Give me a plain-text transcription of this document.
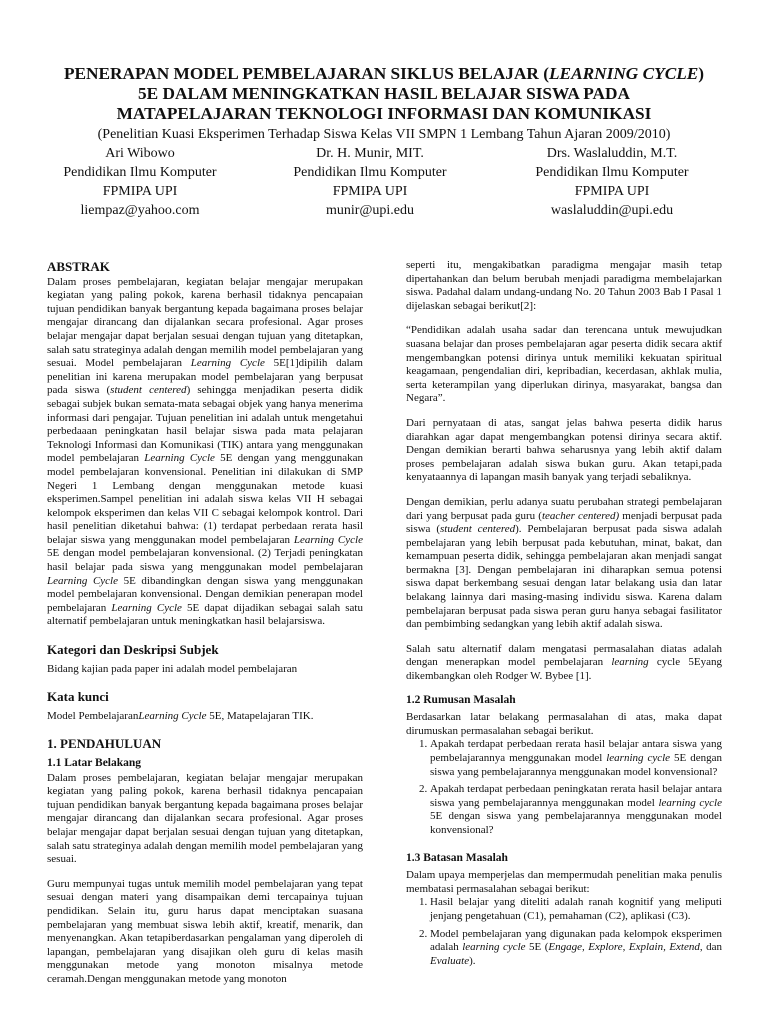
PENERAPAN MODEL PEMBELAJARAN SIKLUS BELAJAR (LEARNING CYCLE)
5E DALAM MENINGKATKAN HASIL BELAJAR SISWA PADA
MATAPELAJARAN TEKNOLOGI INFORMASI DAN KOMUNIKASI
(Penelitian Kuasi Eksperimen Terhadap Siswa Kelas VII SMPN 1 Lembang Tahun Ajaran 2009/2010)
Ari Wibowo
Pendidikan Ilmu Komputer
FPMIPA UPI
liempaz@yahoo.com
Dr. H. Munir, MIT.
Pendidikan Ilmu Komputer
FPMIPA UPI
munir@upi.edu
Drs. Waslaluddin, M.T.
Pendidikan Ilmu Komputer
FPMIPA UPI
waslaluddin@upi.edu
ABSTRAK

Dalam proses pembelajaran, kegiatan belajar mengajar merupakan kegiatan yang paling pokok, karena berhasil tidaknya pencapaian tujuan pendidikan banyak bergantung kepada bagaimana proses belajar mengajar dirancang dan dijalankan secara profesional. Agar proses belajar mengajar dapat berjalan sesuai dengan tujuan yang ditetapkan, salah satu strateginya adalah dengan memilih model pembelajaran yang sesuai. Model pembelajaran Learning Cycle 5E[1]dipilih dalam penelitian ini karena merupakan model pembelajaran yang berpusat pada siswa (student centered) sehingga menjadikan peserta didik sebagai subjek bukan semata-mata sebagai objek yang hanya menerima informasi dari pengajar. Tujuan penelitian ini adalah untuk mengetahui perbedaaan peningkatan hasil belajar siswa pada mata pelajaran Teknologi Informasi dan Komunikasi (TIK) antara yang menggunakan model pembelajaran Learning Cycle 5E dengan yang menggunakan model pembelajaran konvensional. Penelitian ini dilakukan di SMP Negeri 1 Lembang dengan menggunakan metode kuasi eksperimen.Sampel penelitian ini adalah siswa kelas VII H sebagai kelompok eksperimen dan kelas VII C sebagai kelompok kontrol. Dari hasil penelitian diketahui bahwa: (1) terdapat perbedaan rerata hasil belajar siswa yang menggunakan model pembelajaran Learning Cycle 5E dengan model pembelajaran konvensional. (2) Terjadi peningkatan hasil belajar pada siswa yang menggunakan model pembelajaran Learning Cycle 5E dibandingkan dengan siswa yang menggunakan model pembelajaran konvensional. Dengan demikian penerapan model pembelajaran Learning Cycle 5E dapat dijadikan sebagai salah satu alternatif pembelajaran untuk meningkatkan hasil belajarsiswa.

Kategori dan Deskripsi Subjek

Bidang kajian pada paper ini adalah model pembelajaran

Kata kunci

Model PembelajaranLearning Cycle 5E, Matapelajaran TIK.

1. PENDAHULUAN
1.1 Latar Belakang

Dalam proses pembelajaran, kegiatan belajar mengajar merupakan kegiatan yang paling pokok, karena berhasil tidaknya pencapaian tujuan pendidikan banyak bergantung kepada bagaimana proses belajar mengajar dirancang dan dijalankan secara profesional. Agar proses belajar mengajar dapat berjalan sesuai dengan tujuan yang ditetapkan, salah satu strateginya adalah dengan memilih model pembelajaran yang sesuai.

Guru mempunyai tugas untuk memilih model pembelajaran yang tepat sesuai dengan materi yang disampaikan demi tercapainya tujuan pendidikan. Selain itu, guru harus dapat menciptakan suasana pembelajaran yang membuat siswa lebih aktif, kreatif, menarik, dan menyenangkan. Akan tetapiberdasarkan pengalaman yang diperoleh di lapangan, pembelajaran yang disajikan oleh guru di kelas masih menggunakan metode yang monoton misalnya metode ceramah.Dengan menggunakan metode yang monoton

seperti itu, mengakibatkan paradigma mengajar masih tetap dipertahankan dan belum berubah menjadi paradigma membelajarkan siswa. Padahal dalam undang-undang No. 20 Tahun 2003 Bab I Pasal 1 dijelaskan sebagai berikut[2]:

“Pendidikan adalah usaha sadar dan terencana untuk mewujudkan suasana belajar dan proses pembelajaran agar peserta didik secara aktif mengembangkan potensi dirinya untuk memiliki kekuatan spiritual keagamaan, pengendalian diri, kepribadian, kecerdasan, akhlak mulia, serta keterampilan yang diperlukan dirinya, masyarakat, bangsa dan Negara”.

Dari pernyataan di atas, sangat jelas bahwa peserta didik harus diarahkan agar dapat mengembangkan potensi dirinya secara aktif. Dengan demikian berarti bahwa seharusnya yang lebih aktif dalam proses pembelajaran adalah siswa bukan guru. Akan tetapi,pada kenyataannya di lapangan masih banyak yang terjadi sebaliknya.

Dengan demikian, perlu adanya suatu perubahan strategi pembelajaran dari yang berpusat pada guru (teacher centered) menjadi berpusat pada siswa (student centered). Pembelajaran berpusat pada siswa adalah pembelajaran yang lebih berpusat pada kebutuhan, minat, bakat, dan kemampuan peserta didik, sehingga pembelajaran akan menjadi sangat bermakna [3]. Dengan pembelajaran ini diharapkan semua potensi siswa dapat berkembang sesuai dengan latar belakang usia dan latar belakang lainnya dari masing-masing individu siswa. Karena dalam pembelajaran berpusat pada siswa peran guru hanya sebagai fasilitator dan pembimbing sedangkan yang lebih aktif adalah siswa.

Salah satu alternatif dalam mengatasi permasalahan diatas adalah dengan menerapkan model pembelajaran learning cycle 5Eyang dikembangkan oleh Rodger W. Bybee [1].

1.2 Rumusan Masalah

Berdasarkan latar belakang permasalahan di atas, maka dapat dirumuskan permasalahan sebagai berikut.

1. Apakah terdapat perbedaan rerata hasil belajar antara siswa yang pembelajarannya menggunakan model learning cycle 5E dengan siswa yang pembelajarannya menggunakan model konvensional?
2. Apakah terdapat perbedaan peningkatan rerata hasil belajar antara siswa yang pembelajarannya menggunakan model learning cycle 5E dengan siswa yang pembelajarannya menggunakan model konvensional?
1.3 Batasan Masalah

Dalam upaya memperjelas dan mempermudah penelitian maka penulis membatasi permasalahan sebagai berikut:

1. Hasil belajar yang diteliti adalah ranah kognitif yang meliputi jenjang pengetahuan (C1), pemahaman (C2), aplikasi (C3).
2. Model pembelajaran yang digunakan pada kelompok eksperimen adalah learning cycle 5E (Engage, Explore, Explain, Extend, dan Evaluate).
